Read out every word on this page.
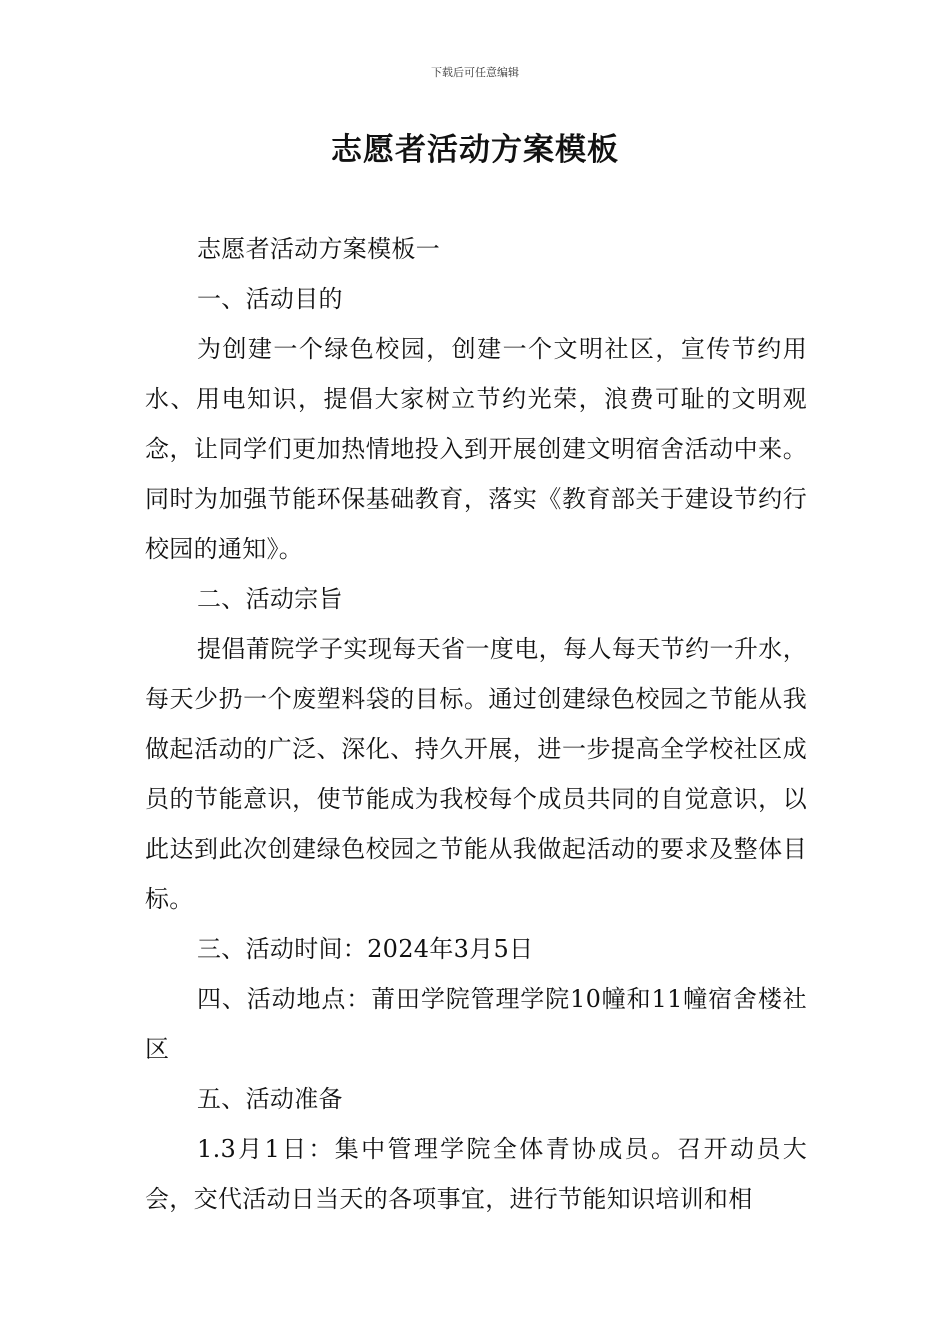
下载后可任意编辑
志愿者活动方案模板

志愿者活动方案模板一

一、活动目的

为创建一个绿色校园，创建一个文明社区，宣传节约用水、用电知识，提倡大家树立节约光荣，浪费可耻的文明观念，让同学们更加热情地投入到开展创建文明宿舍活动中来。同时为加强节能环保基础教育，落实《教育部关于建设节约行校园的通知》。

二、活动宗旨

提倡莆院学子实现每天省一度电，每人每天节约一升水，每天少扔一个废塑料袋的目标。通过创建绿色校园之节能从我做起活动的广泛、深化、持久开展，进一步提高全学校社区成员的节能意识，使节能成为我校每个成员共同的自觉意识，以此达到此次创建绿色校园之节能从我做起活动的要求及整体目标。

三、活动时间：2024年3月5日

四、活动地点：莆田学院管理学院10幢和11幢宿舍楼社区

五、活动准备

1.3月1日：集中管理学院全体青协成员。召开动员大会，交代活动日当天的各项事宜，进行节能知识培训和相
